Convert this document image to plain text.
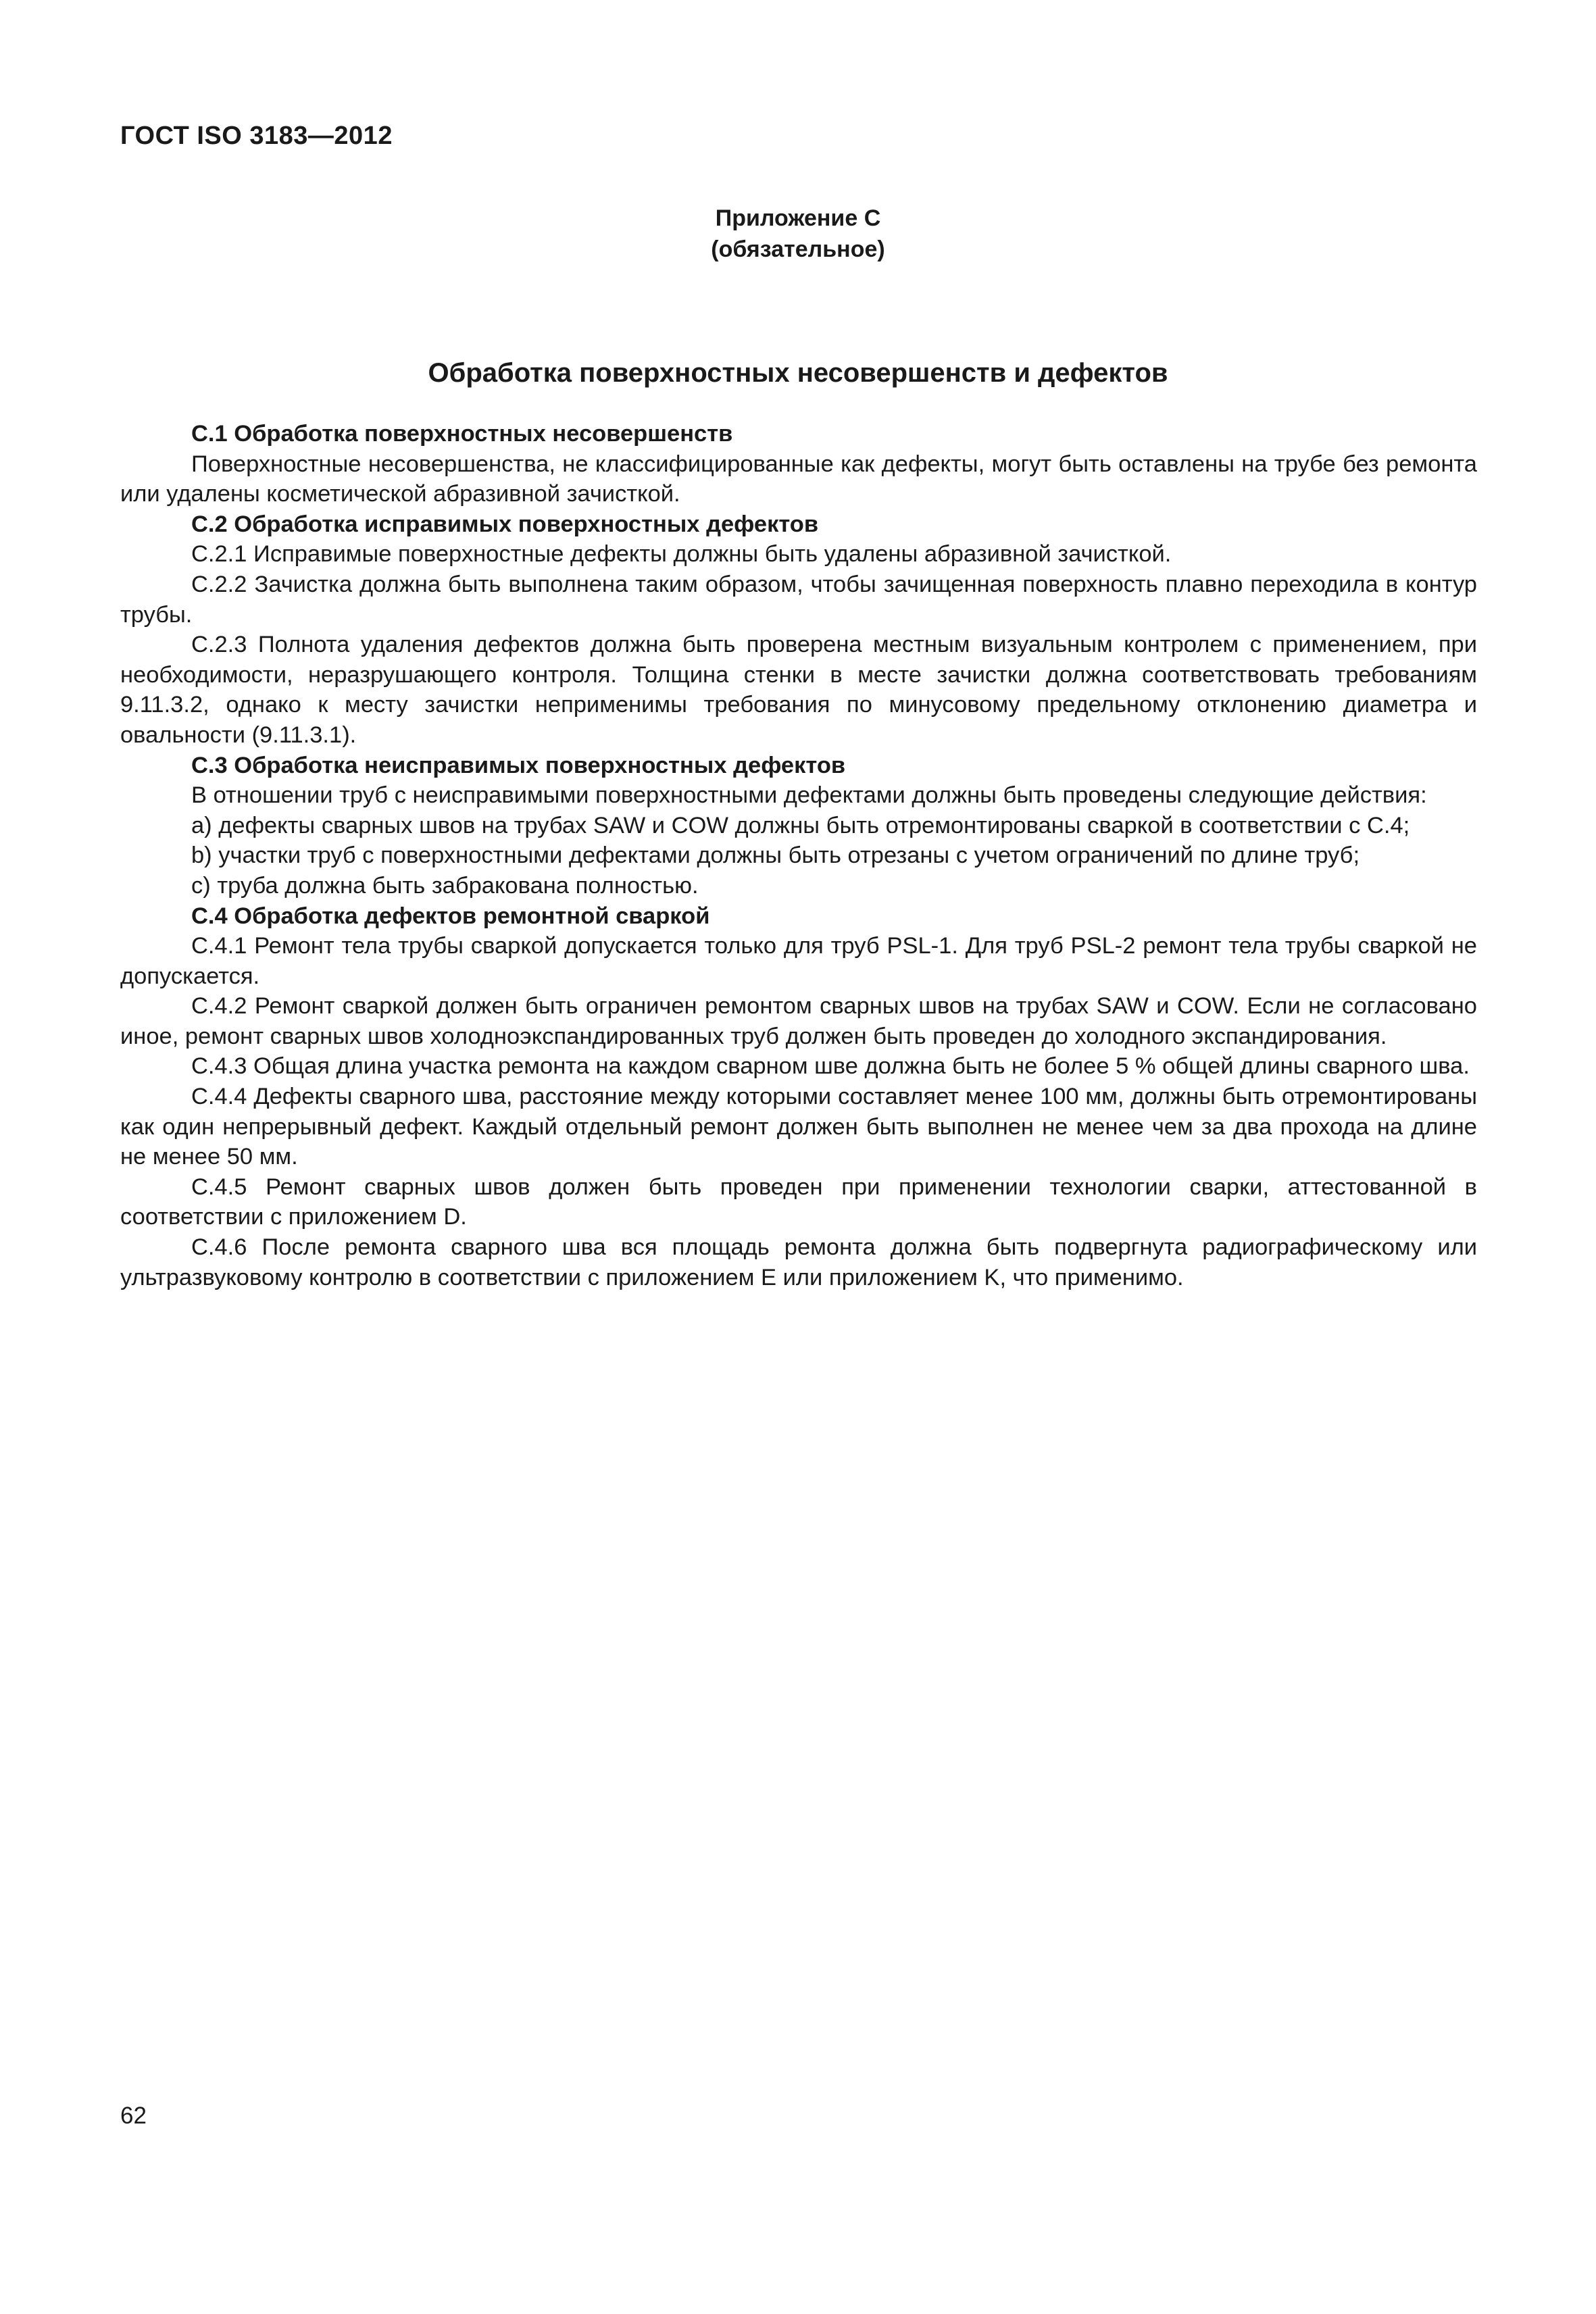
ГОСТ ISO 3183—2012
Приложение С
(обязательное)
Обработка поверхностных несовершенств и дефектов

С.1 Обработка поверхностных несовершенств

Поверхностные несовершенства, не классифицированные как дефекты, могут быть оставлены на трубе без ремонта или удалены косметической абразивной зачисткой.

С.2 Обработка исправимых поверхностных дефектов

С.2.1 Исправимые поверхностные дефекты должны быть удалены абразивной зачисткой.

С.2.2 Зачистка должна быть выполнена таким образом, чтобы зачищенная поверхность плавно переходила в контур трубы.

С.2.3 Полнота удаления дефектов должна быть проверена местным визуальным контролем с применением, при необходимости, неразрушающего контроля. Толщина стенки в месте зачистки должна соответствовать требованиям 9.11.3.2, однако к месту зачистки неприменимы требования по минусовому предельному отклонению диаметра и овальности (9.11.3.1).

С.3 Обработка неисправимых поверхностных дефектов

В отношении труб с неисправимыми поверхностными дефектами должны быть проведены следующие действия:

a) дефекты сварных швов на трубах SAW и COW должны быть отремонтированы сваркой в соответствии с С.4;

b) участки труб с поверхностными дефектами должны быть отрезаны с учетом ограничений по длине труб;

c) труба должна быть забракована полностью.

С.4 Обработка дефектов ремонтной сваркой

С.4.1 Ремонт тела трубы сваркой допускается только для труб PSL-1. Для труб PSL-2 ремонт тела трубы сваркой не допускается.

С.4.2 Ремонт сваркой должен быть ограничен ремонтом сварных швов на трубах SAW и COW. Если не согласовано иное, ремонт сварных швов холодноэкспандированных труб должен быть проведен до холодного экспандирования.

С.4.3 Общая длина участка ремонта на каждом сварном шве должна быть не более 5 % общей длины сварного шва.

С.4.4 Дефекты сварного шва, расстояние между которыми составляет менее 100 мм, должны быть отремонтированы как один непрерывный дефект. Каждый отдельный ремонт должен быть выполнен не менее чем за два прохода на длине не менее 50 мм.

С.4.5 Ремонт сварных швов должен быть проведен при применении технологии сварки, аттестованной в соответствии с приложением D.

С.4.6 После ремонта сварного шва вся площадь ремонта должна быть подвергнута радиографическому или ультразвуковому контролю в соответствии с приложением Е или приложением K, что применимо.

62
